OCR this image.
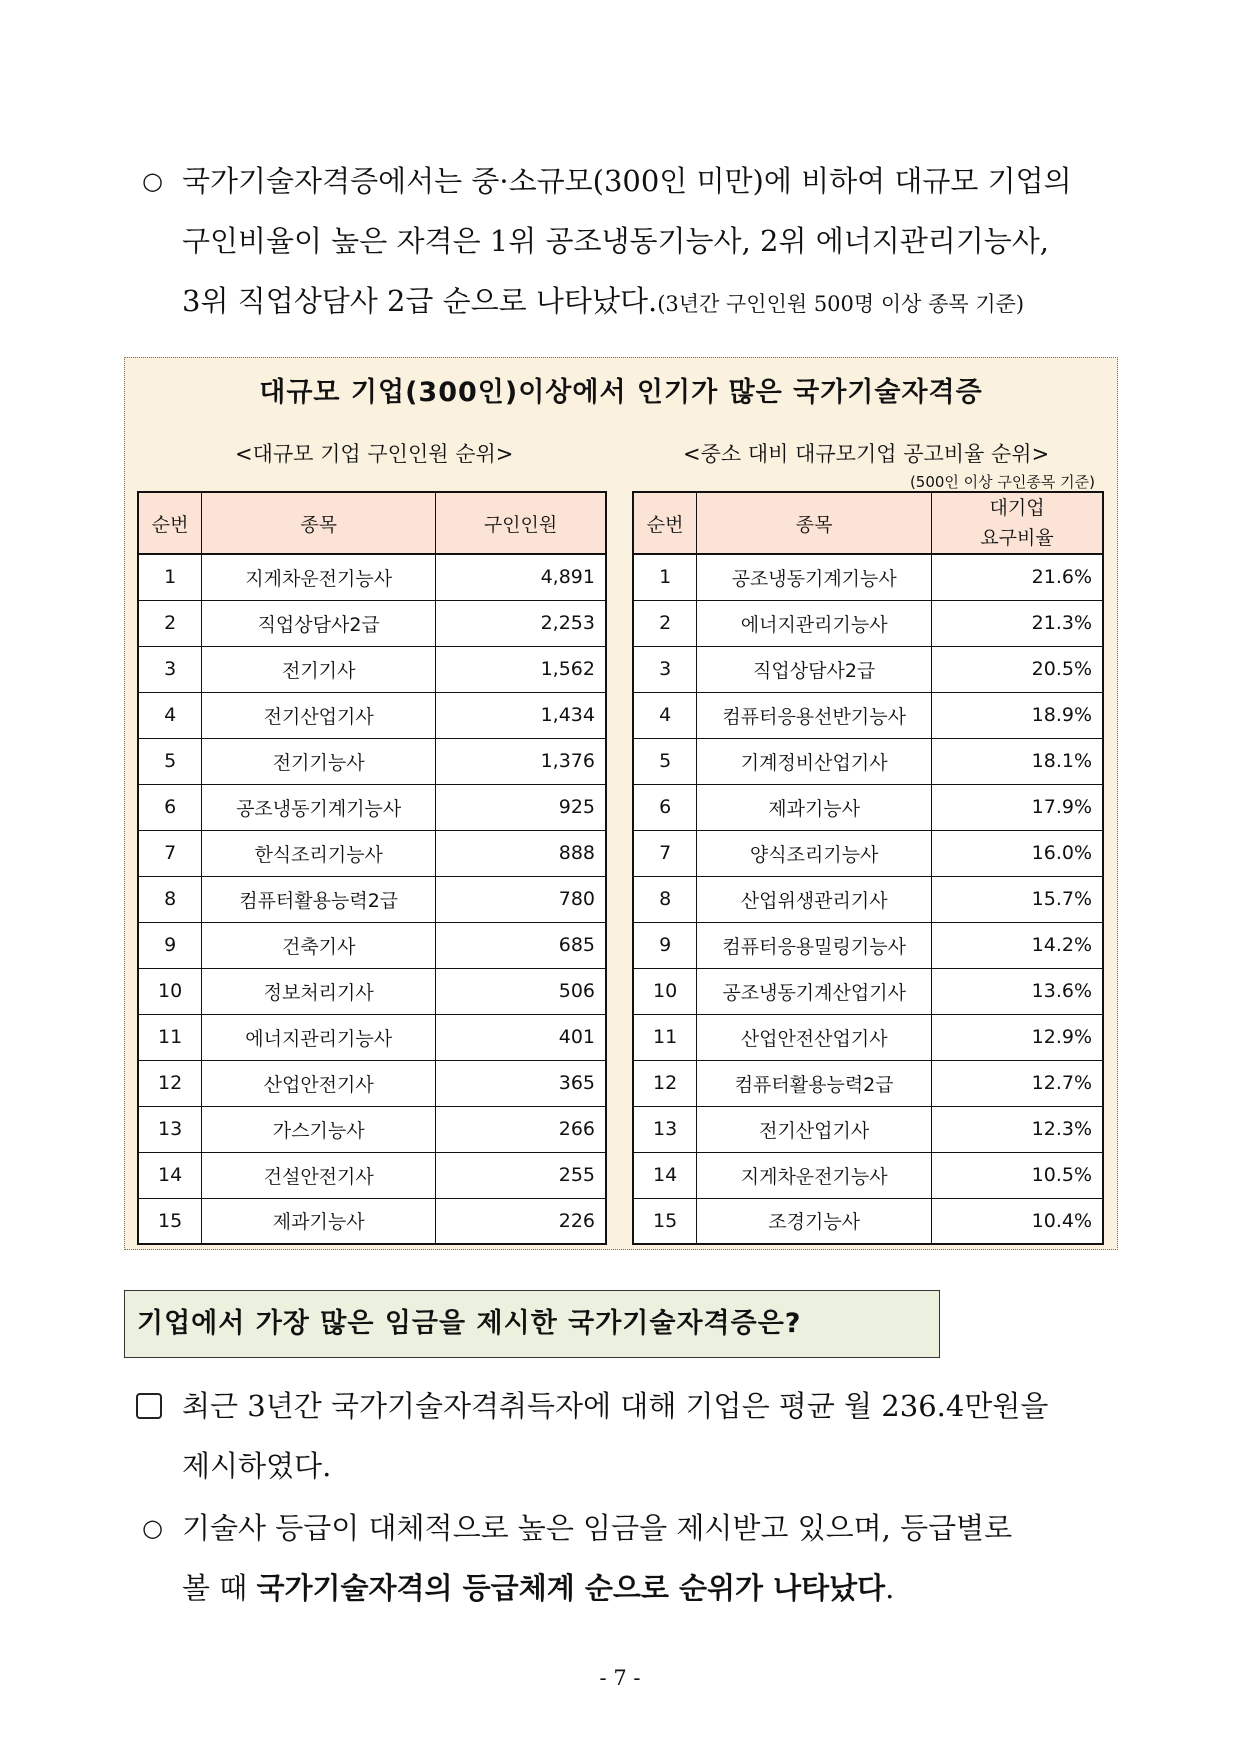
○ 국가기술자격증에서는 중·소규모(300인 미만)에 비하여 대규모 기업의
구인비율이 높은 자격은 1위 공조냉동기능사, 2위 에너지관리기능사,
3위 직업상담사 2급 순으로 나타났다.(3년간 구인인원 500명 이상 종목 기준)
대규모 기업(300인)이상에서 인기가 많은 국가기술자격증
<대규모 기업 구인인원 순위>	<중소 대비 대규모기업 공고비율 순위>
(500인 이상 구인종목 기준)
순번	종목	구인인원
1	지게차운전기능사	4,891
2	직업상담사2급	2,253
3	전기기사	1,562
4	전기산업기사	1,434
5	전기기능사	1,376
6	공조냉동기계기능사	925
7	한식조리기능사	888
8	컴퓨터활용능력2급	780
9	건축기사	685
10	정보처리기사	506
11	에너지관리기능사	401
12	산업안전기사	365
13	가스기능사	266
14	건설안전기사	255
15	제과기능사	226
순번	종목	대기업
요구비율

1	공조냉동기계기능사	21.6%
2	에너지관리기능사	21.3%
3	직업상담사2급	20.5%
4	컴퓨터응용선반기능사	18.9%
5	기계정비산업기사	18.1%
6	제과기능사	17.9%
7	양식조리기능사	16.0%
8	산업위생관리기사	15.7%
9	컴퓨터응용밀링기능사	14.2%
10	공조냉동기계산업기사	13.6%
11	산업안전산업기사	12.9%
12	컴퓨터활용능력2급	12.7%
13	전기산업기사	12.3%
14	지게차운전기능사	10.5%
15	조경기능사	10.4%
기업에서 가장 많은 임금을 제시한 국가기술자격증은?
최근 3년간 국가기술자격취득자에 대해 기업은 평균 월 236.4만원을
제시하였다.
○ 기술사 등급이 대체적으로 높은 임금을 제시받고 있으며, 등급별로
볼 때 국가기술자격의 등급체계 순으로 순위가 나타났다.
- 7 -
